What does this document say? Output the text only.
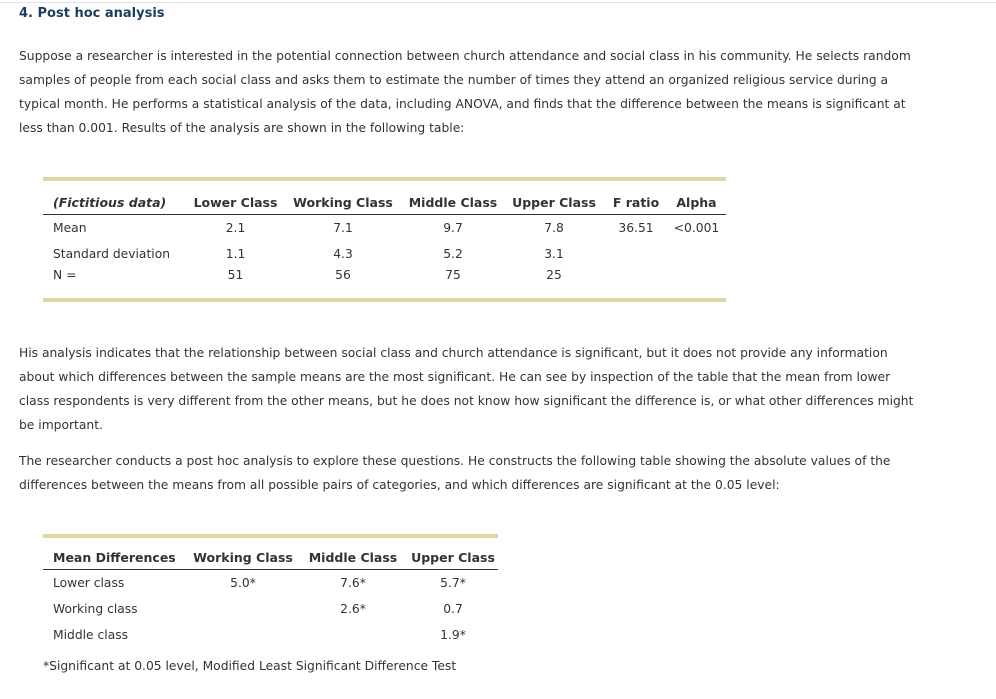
4. Post hoc analysis

Suppose a researcher is interested in the potential connection between church attendance and social class in his community. He selects random samples of people from each social class and asks them to estimate the number of times they attend an organized religious service during a typical month. He performs a statistical analysis of the data, including ANOVA, and finds that the difference between the means is significant at less than 0.001. Results of the analysis are shown in the following table:

(Fictitious data)	Lower Class	Working Class	Middle Class	Upper Class	F ratio	Alpha
Mean	2.1	7.1	9.7	7.8	36.51	<0.001
Standard deviation	1.1	4.3	5.2	3.1		
N =	51	56	75	25		

His analysis indicates that the relationship between social class and church attendance is significant, but it does not provide any information about which differences between the sample means are the most significant. He can see by inspection of the table that the mean from lower class respondents is very different from the other means, but he does not know how significant the difference is, or what other differences might be important.

The researcher conducts a post hoc analysis to explore these questions. He constructs the following table showing the absolute values of the differences between the means from all possible pairs of categories, and which differences are significant at the 0.05 level:

Mean Differences	Working Class	Middle Class	Upper Class
Lower class	5.0*	7.6*	5.7*
Working class		2.6*	0.7
Middle class			1.9*

*Significant at 0.05 level, Modified Least Significant Difference Test
